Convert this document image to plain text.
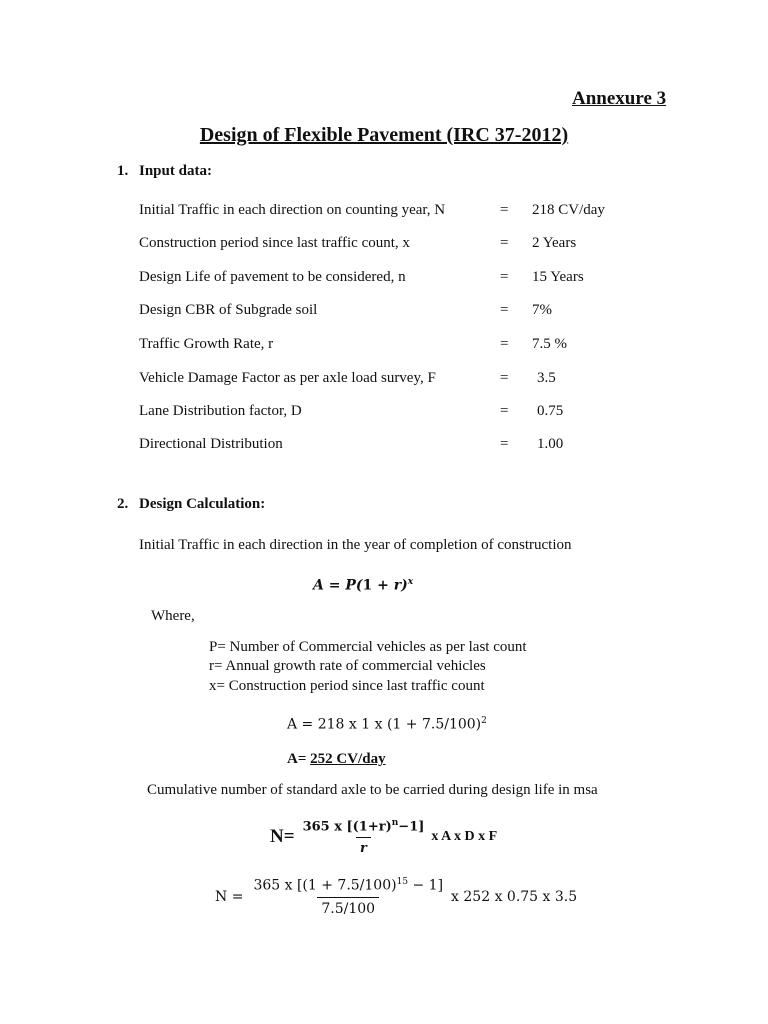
Annexure 3
Design of Flexible Pavement (IRC 37-2012)
1. Input data:
Initial Traffic in each direction on counting year, N	= 218 CV/day
Construction period since last traffic count, x	= 2 Years
Design Life of pavement to be considered, n	= 15 Years
Design CBR of Subgrade soil	= 7%
Traffic Growth Rate, r	= 7.5 %
Vehicle Damage Factor as per axle load survey, F	= 3.5
Lane Distribution factor, D	= 0.75
Directional Distribution	= 1.00
2. Design Calculation:
Initial Traffic in each direction in the year of completion of construction
$A = P(1 + r)^x$
Where,
P= Number of Commercial vehicles as per last count
r= Annual growth rate of commercial vehicles
x= Construction period since last traffic count
A = 218 x 1 x $(1 + 7.5/100)^2$
A= 252 CV/day
Cumulative number of standard axle to be carried during design life in msa
$N= \frac{365 x [(1+r)^n-1]}{r}$ x A x D x F
$N = \frac{365 x [(1 + 7.5/100)^{15} - 1]}{7.5/100}$ x 252 x 0.75 x 3.5
